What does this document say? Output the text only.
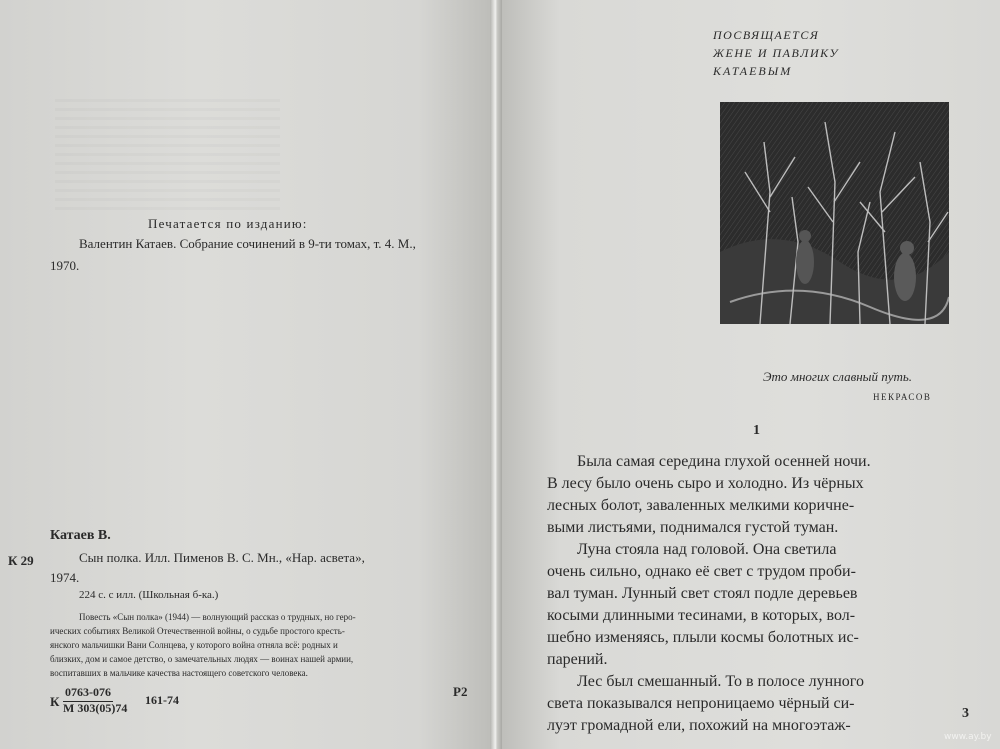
Печатается по изданию:

Валентин Катаев. Собрание сочинений в 9-ти томах, т. 4. М.,

1970.

Катаев В.

К 29	Сын полка. Илл. Пименов В. С. Мн., «Нар. асвета»,

1974.

224 с. с илл. (Школьная б-ка.)

Повесть «Сын полка» (1944) — волнующий рассказ о трудных, но геро-

ических событиях Великой Отечественной войны, о судьбе простого кресть-

янского мальчишки Вани Солнцева, у которого война отняла всё: родных и

близких, дом и самое детство, о замечательных людях — воинах нашей армии,

воспитавших в мальчике качества настоящего советского человека.

К

0763-076

М 303(05)74

161-74

Р2

ПОСВЯЩАЕТСЯ

ЖЕНЕ И ПАВЛИКУ

КАТАЕВЫМ

Это многих славный путь.

НЕКРАСОВ

1

Была самая середина глухой осенней ночи.

В лесу было очень сыро и холодно. Из чёрных

лесных болот, заваленных мелкими коричне-

выми листьями, поднимался густой туман.

Луна стояла над головой. Она светила

очень сильно, однако её свет с трудом проби-

вал туман. Лунный свет стоял подле деревьев

косыми длинными тесинами, в которых, вол-

шебно изменяясь, плыли космы болотных ис-

парений.

Лес был смешанный. То в полосе лунного

света показывался непроницаемо чёрный си-

луэт громадной ели, похожий на многоэтаж-

3

www.ay.by
